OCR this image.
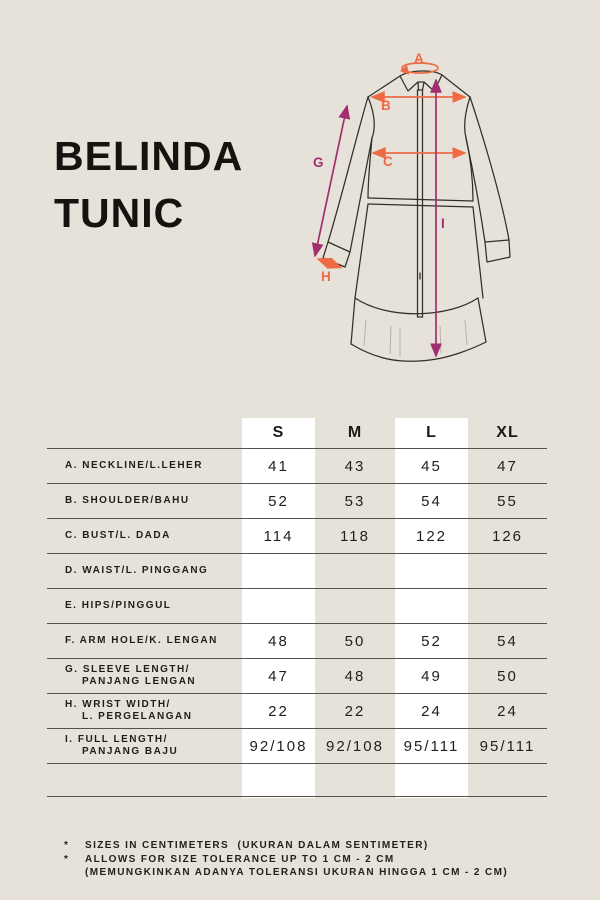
BELINDA
TUNIC
A
B
C
H
G
I
S	M	L	XL
A. NECKLINE/L.LEHER	41	43	45	47
B. SHOULDER/BAHU	52	53	54	55
C. BUST/L. DADA	114	118	122	126
D. WAIST/L. PINGGANG
E. HIPS/PINGGUL
F. ARM HOLE/K. LENGAN	48	50	52	54
G. SLEEVE LENGTH/
PANJANG LENGAN	47	48	49	50
H. WRIST WIDTH/
L. PERGELANGAN	22	22	24	24
I. FULL LENGTH/
PANJANG BAJU	92/108	92/108	95/111	95/111
*	SIZES IN CENTIMETERS  (UKURAN DALAM SENTIMETER)
*	ALLOWS FOR SIZE TOLERANCE UP TO 1 CM - 2 CM
(MEMUNGKINKAN ADANYA TOLERANSI UKURAN HINGGA 1 CM - 2 CM)
